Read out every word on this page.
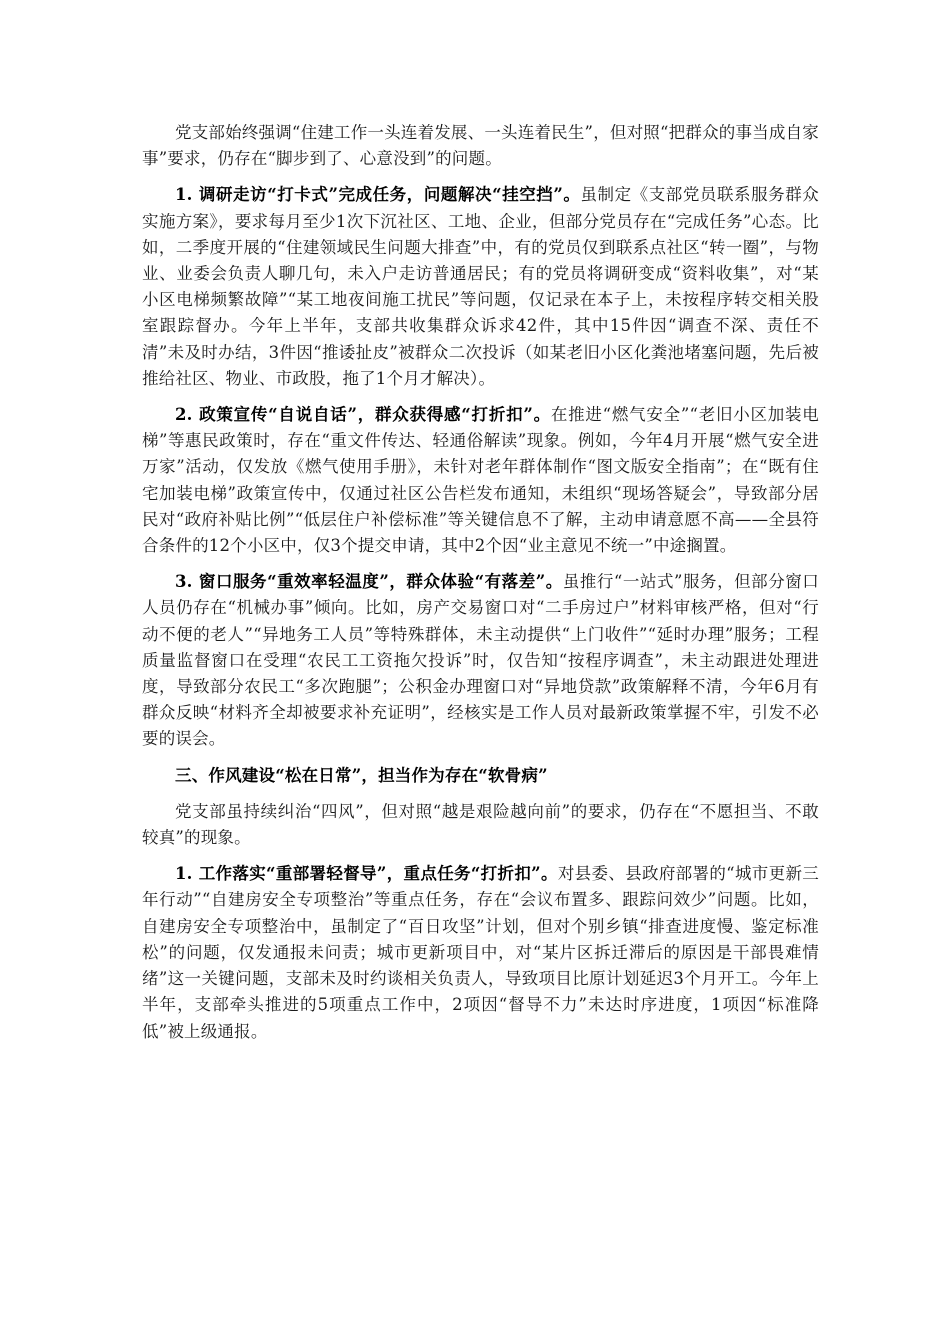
党支部始终强调“住建工作一头连着发展、一头连着民生”，但对照“把群众的事当成自家事”要求，仍存在“脚步到了、心意没到”的问题。

1. 调研走访“打卡式”完成任务，问题解决“挂空挡”。虽制定《支部党员联系服务群众实施方案》，要求每月至少1次下沉社区、工地、企业，但部分党员存在“完成任务”心态。比如，二季度开展的“住建领域民生问题大排查”中，有的党员仅到联系点社区“转一圈”，与物业、业委会负责人聊几句，未入户走访普通居民；有的党员将调研变成“资料收集”，对“某小区电梯频繁故障”“某工地夜间施工扰民”等问题，仅记录在本子上，未按程序转交相关股室跟踪督办。今年上半年，支部共收集群众诉求42件，其中15件因“调查不深、责任不清”未及时办结，3件因“推诿扯皮”被群众二次投诉（如某老旧小区化粪池堵塞问题，先后被推给社区、物业、市政股，拖了1个月才解决）。

2. 政策宣传“自说自话”，群众获得感“打折扣”。在推进“燃气安全”“老旧小区加装电梯”等惠民政策时，存在“重文件传达、轻通俗解读”现象。例如，今年4月开展“燃气安全进万家”活动，仅发放《燃气使用手册》，未针对老年群体制作“图文版安全指南”；在“既有住宅加装电梯”政策宣传中，仅通过社区公告栏发布通知，未组织“现场答疑会”，导致部分居民对“政府补贴比例”“低层住户补偿标准”等关键信息不了解，主动申请意愿不高——全县符合条件的12个小区中，仅3个提交申请，其中2个因“业主意见不统一”中途搁置。

3. 窗口服务“重效率轻温度”，群众体验“有落差”。虽推行“一站式”服务，但部分窗口人员仍存在“机械办事”倾向。比如，房产交易窗口对“二手房过户”材料审核严格，但对“行动不便的老人”“异地务工人员”等特殊群体，未主动提供“上门收件”“延时办理”服务；工程质量监督窗口在受理“农民工工资拖欠投诉”时，仅告知“按程序调查”，未主动跟进处理进度，导致部分农民工“多次跑腿”；公积金办理窗口对“异地贷款”政策解释不清，今年6月有群众反映“材料齐全却被要求补充证明”，经核实是工作人员对最新政策掌握不牢，引发不必要的误会。

三、作风建设“松在日常”，担当作为存在“软骨病”

党支部虽持续纠治“四风”，但对照“越是艰险越向前”的要求，仍存在“不愿担当、不敢较真”的现象。

1. 工作落实“重部署轻督导”，重点任务“打折扣”。对县委、县政府部署的“城市更新三年行动”“自建房安全专项整治”等重点任务，存在“会议布置多、跟踪问效少”问题。比如，自建房安全专项整治中，虽制定了“百日攻坚”计划，但对个别乡镇“排查进度慢、鉴定标准松”的问题，仅发通报未问责；城市更新项目中，对“某片区拆迁滞后的原因是干部畏难情绪”这一关键问题，支部未及时约谈相关负责人，导致项目比原计划延迟3个月开工。今年上半年，支部牵头推进的5项重点工作中，2项因“督导不力”未达时序进度，1项因“标准降低”被上级通报。
